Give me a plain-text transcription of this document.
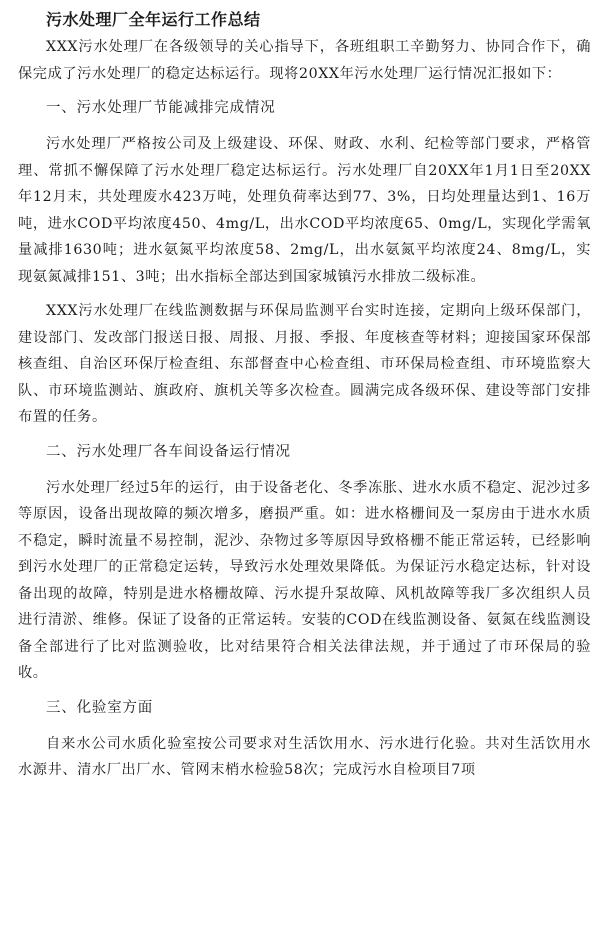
污水处理厂全年运行工作总结

XXX污水处理厂在各级领导的关心指导下，各班组职工辛勤努力、协同合作下，确保完成了污水处理厂的稳定达标运行。现将20XX年污水处理厂运行情况汇报如下：

一、污水处理厂节能减排完成情况

污水处理厂严格按公司及上级建设、环保、财政、水利、纪检等部门要求，严格管理、常抓不懈保障了污水处理厂稳定达标运行。污水处理厂自20XX年1月1日至20XX年12月末，共处理废水423万吨，处理负荷率达到77、3%，日均处理量达到1、16万吨，进水COD平均浓度450、4mg/L，出水COD平均浓度65、0mg/L，实现化学需氧量减排1630吨；进水氨氮平均浓度58、2mg/L，出水氨氮平均浓度24、8mg/L，实现氨氮减排151、3吨；出水指标全部达到国家城镇污水排放二级标准。

XXX污水处理厂在线监测数据与环保局监测平台实时连接，定期向上级环保部门，建设部门、发改部门报送日报、周报、月报、季报、年度核查等材料；迎接国家环保部核查组、自治区环保厅检查组、东部督查中心检查组、市环保局检查组、市环境监察大队、市环境监测站、旗政府、旗机关等多次检查。圆满完成各级环保、建设等部门安排布置的任务。

二、污水处理厂各车间设备运行情况

污水处理厂经过5年的运行，由于设备老化、冬季冻胀、进水水质不稳定、泥沙过多等原因，设备出现故障的频次增多，磨损严重。如：进水格栅间及一泵房由于进水水质不稳定，瞬时流量不易控制，泥沙、杂物过多等原因导致格栅不能正常运转，已经影响到污水处理厂的正常稳定运转，导致污水处理效果降低。为保证污水稳定达标，针对设备出现的故障，特别是进水格栅故障、污水提升泵故障、风机故障等我厂多次组织人员进行清淤、维修。保证了设备的正常运转。安装的COD在线监测设备、氨氮在线监测设备全部进行了比对监测验收，比对结果符合相关法律法规，并于通过了市环保局的验收。

三、化验室方面

自来水公司水质化验室按公司要求对生活饮用水、污水进行化验。共对生活饮用水水源井、清水厂出厂水、管网末梢水检验58次；完成污水自检项目7项
